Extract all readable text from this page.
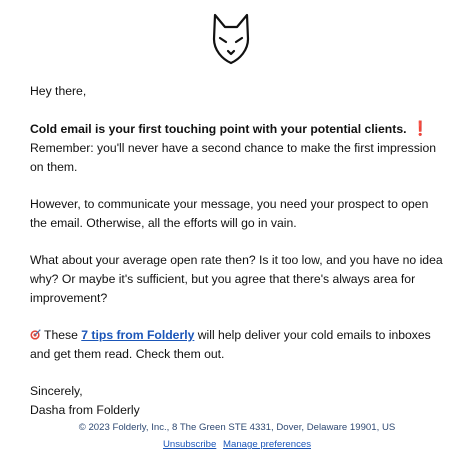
Hey there,

Cold email is your first touching point with your potential clients. ❗

Remember: you'll never have a second chance to make the first impression on them.

However, to communicate your message, you need your prospect to open the email. Otherwise, all the efforts will go in vain.

What about your average open rate then? Is it too low, and you have no idea why? Or maybe it's sufficient, but you agree that there's always area for improvement?

These 7 tips from Folderly will help deliver your cold emails to inboxes and get them read. Check them out.

Sincerely,

Dasha from Folderly

© 2023 Folderly, Inc., 8 The Green STE 4331, Dover, Delaware 19901, US
Unsubscribe Manage preferences
